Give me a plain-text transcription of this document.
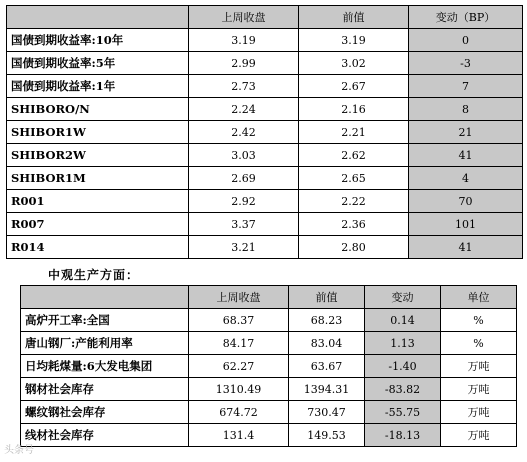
	上周收盘	前值	变动（BP）
国债到期收益率:10年	3.19	3.19	0
国债到期收益率:5年	2.99	3.02	-3
国债到期收益率:1年	2.73	2.67	7
SHIBORO/N	2.24	2.16	8
SHIBOR1W	2.42	2.21	21
SHIBOR2W	3.03	2.62	41
SHIBOR1M	2.69	2.65	4
R001	2.92	2.22	70
R007	3.37	2.36	101
R014	3.21	2.80	41
中观生产方面：
	上周收盘	前值	变动	单位
高炉开工率:全国	68.37	68.23	0.14	%
唐山钢厂:产能利用率	84.17	83.04	1.13	%
日均耗煤量:6大发电集团	62.27	63.67	-1.40	万吨
钢材社会库存	1310.49	1394.31	-83.82	万吨
螺纹钢社会库存	674.72	730.47	-55.75	万吨
线材社会库存	131.4	149.53	-18.13	万吨
头条号
